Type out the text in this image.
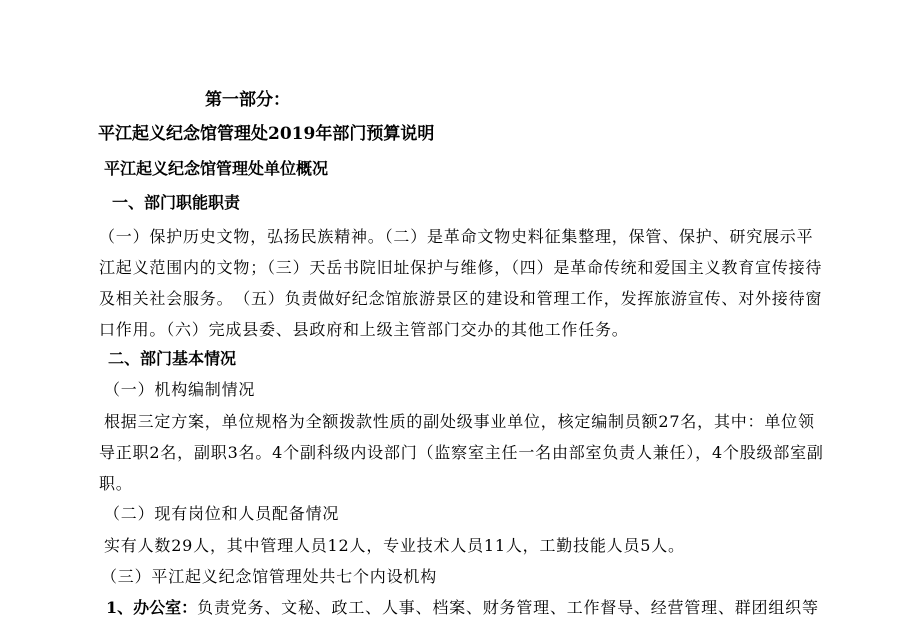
第一部分：
平江起义纪念馆管理处2019年部门预算说明
平江起义纪念馆管理处单位概况
一、部门职能职责
（一）保护历史文物，弘扬民族精神。（二）是革命文物史料征集整理，保管、保护、研究展示平
江起义范围内的文物；（三）天岳书院旧址保护与维修，（四）是革命传统和爱国主义教育宣传接待
及相关社会服务。　（五）负责做好纪念馆旅游景区的建设和管理工作，发挥旅游宣传、对外接待窗
口作用。（六）完成县委、县政府和上级主管部门交办的其他工作任务。
二、部门基本情况
（一）机构编制情况
根据三定方案，单位规格为全额拨款性质的副处级事业单位，核定编制员额27名，其中：单位领
导正职2名，副职3名。4个副科级内设部门（监察室主任一名由部室负责人兼任），4个股级部室副
职。
（二）现有岗位和人员配备情况
实有人数29人，其中管理人员12人，专业技术人员11人，工勤技能人员5人。
（三）平江起义纪念馆管理处共七个内设机构
1、办公室：负责党务、文秘、政工、人事、档案、财务管理、工作督导、经营管理、群团组织等
